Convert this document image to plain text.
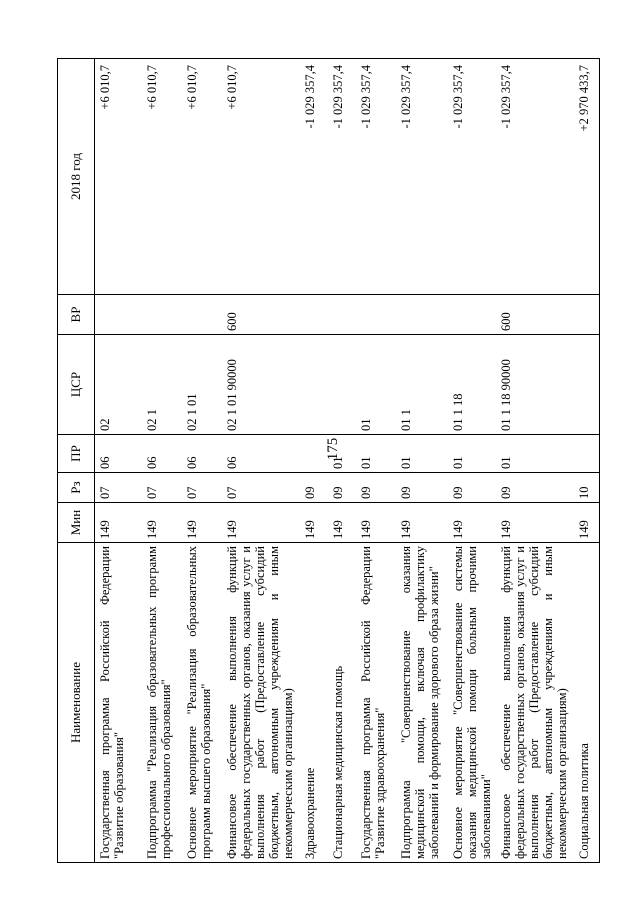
175
Наименование	Мин	Рз	ПР	ЦСР	ВР	2018 год
Государственная программа Российской Федерации "Развитие образования"	149	07	06	02		+6 010,7
Подпрограмма "Реализация образовательных программ профессионального образования"	149	07	06	02 1		+6 010,7
Основное мероприятие "Реализация образовательных программ высшего образования"	149	07	06	02 1 01		+6 010,7
Финансовое обеспечение выполнения функций федеральных государственных органов, оказания услуг и выполнения работ (Предоставление субсидий бюджетным, автономным учреждениям и иным некоммерческим организациям)	149	07	06	02 1 01 90000	600	+6 010,7
Здравоохранение	149	09				-1 029 357,4
Стационарная медицинская помощь	149	09	01			-1 029 357,4
Государственная программа Российской Федерации "Развитие здравоохранения"	149	09	01	01		-1 029 357,4
Подпрограмма "Совершенствование оказания медицинской помощи, включая профилактику заболеваний и формирование здорового образа жизни"	149	09	01	01 1		-1 029 357,4
Основное мероприятие "Совершенствование системы оказания медицинской помощи больным прочими заболеваниями"	149	09	01	01 1 18		-1 029 357,4
Финансовое обеспечение выполнения функций федеральных государственных органов, оказания услуг и выполнения работ (Предоставление субсидий бюджетным, автономным учреждениям и иным некоммерческим организациям)	149	09	01	01 1 18 90000	600	-1 029 357,4
Социальная политика	149	10				+2 970 433,7
